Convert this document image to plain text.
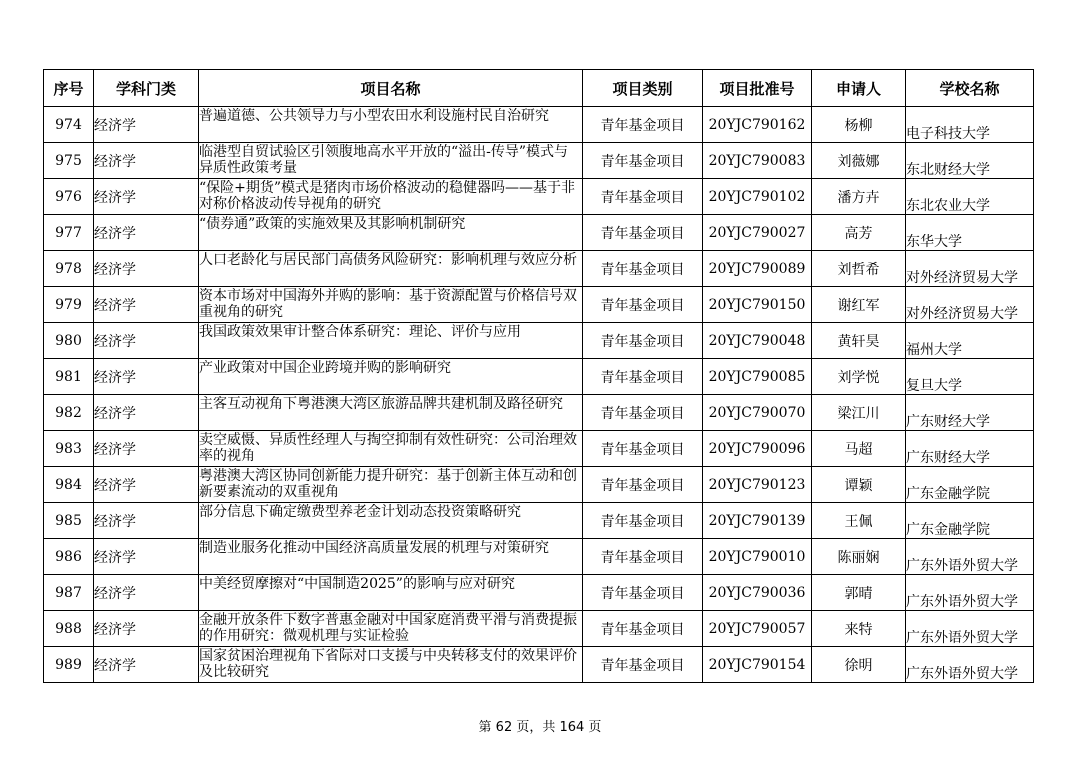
序号	学科门类	项目名称	项目类别	项目批准号	申请人	学校名称
974	经济学	普遍道德、公共领导力与小型农田水利设施村民自治研究	青年基金项目	20YJC790162	杨柳	电子科技大学

975	经济学	临港型自贸试验区引领腹地高水平开放的“溢出-传导”模式与异质性政策考量	青年基金项目	20YJC790083	刘薇娜	东北财经大学

976	经济学	“保险+期货”模式是猪肉市场价格波动的稳健器吗——基于非对称价格波动传导视角的研究	青年基金项目	20YJC790102	潘方卉	东北农业大学

977	经济学	“债券通”政策的实施效果及其影响机制研究	青年基金项目	20YJC790027	高芳	东华大学

978	经济学	人口老龄化与居民部门高债务风险研究：影响机理与效应分析	青年基金项目	20YJC790089	刘哲希	对外经济贸易大学

979	经济学	资本市场对中国海外并购的影响：基于资源配置与价格信号双重视角的研究	青年基金项目	20YJC790150	谢红军	对外经济贸易大学

980	经济学	我国政策效果审计整合体系研究：理论、评价与应用	青年基金项目	20YJC790048	黄轩昊	福州大学

981	经济学	产业政策对中国企业跨境并购的影响研究	青年基金项目	20YJC790085	刘学悦	复旦大学

982	经济学	主客互动视角下粤港澳大湾区旅游品牌共建机制及路径研究	青年基金项目	20YJC790070	梁江川	广东财经大学

983	经济学	卖空威慑、异质性经理人与掏空抑制有效性研究：公司治理效率的视角	青年基金项目	20YJC790096	马超	广东财经大学

984	经济学	粤港澳大湾区协同创新能力提升研究：基于创新主体互动和创新要素流动的双重视角	青年基金项目	20YJC790123	谭颖	广东金融学院

985	经济学	部分信息下确定缴费型养老金计划动态投资策略研究	青年基金项目	20YJC790139	王佩	广东金融学院

986	经济学	制造业服务化推动中国经济高质量发展的机理与对策研究	青年基金项目	20YJC790010	陈丽娴	广东外语外贸大学

987	经济学	中美经贸摩擦对“中国制造2025”的影响与应对研究	青年基金项目	20YJC790036	郭晴	广东外语外贸大学

988	经济学	金融开放条件下数字普惠金融对中国家庭消费平滑与消费提振的作用研究：微观机理与实证检验	青年基金项目	20YJC790057	来特	广东外语外贸大学

989	经济学	国家贫困治理视角下省际对口支援与中央转移支付的效果评价及比较研究	青年基金项目	20YJC790154	徐明	广东外语外贸大学
第 62 页，共 164 页
